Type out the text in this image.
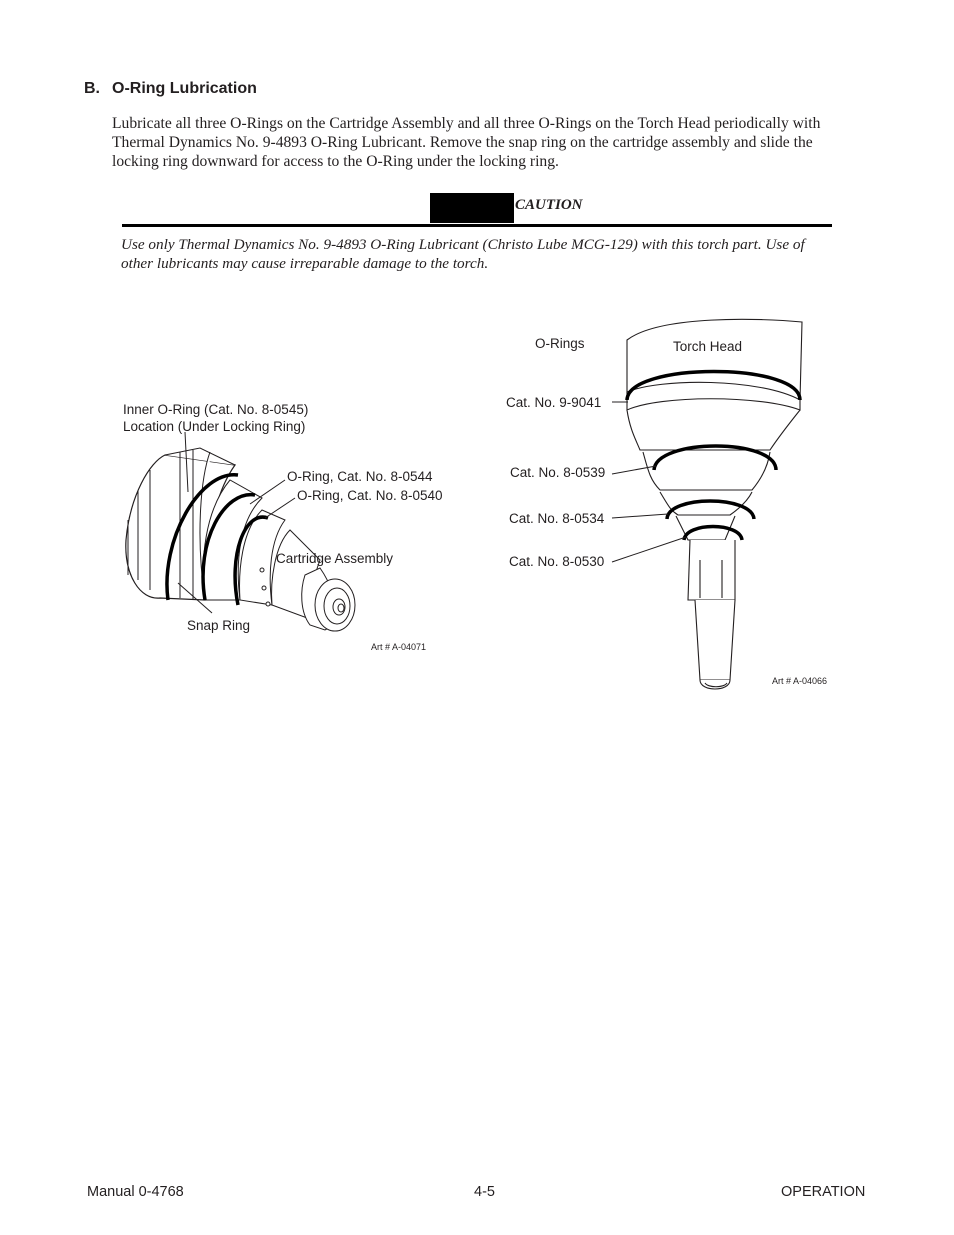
B. O-Ring Lubrication
Lubricate all three O-Rings on the Cartridge Assembly and all three O-Rings on the Torch Head periodically with
Thermal Dynamics No. 9-4893 O-Ring Lubricant. Remove the snap ring on the cartridge assembly and slide the
locking ring downward for access to the O-Ring under the locking ring.
CAUTION
Use only Thermal Dynamics No. 9-4893 O-Ring Lubricant (Christo Lube MCG-129) with this torch part. Use of
other lubricants may cause irreparable damage to the torch.
Inner O-Ring (Cat. No. 8-0545)
Location (Under Locking Ring)
O-Ring, Cat. No. 8-0544
O-Ring, Cat. No. 8-0540
Cartridge Assembly
Snap Ring
Art # A-04071
O-Rings	Torch Head
Cat. No. 9-9041
Cat. No. 8-0539
Cat. No. 8-0534
Cat. No. 8-0530
Art # A-04066
Manual 0-4768	4-5	OPERATION
